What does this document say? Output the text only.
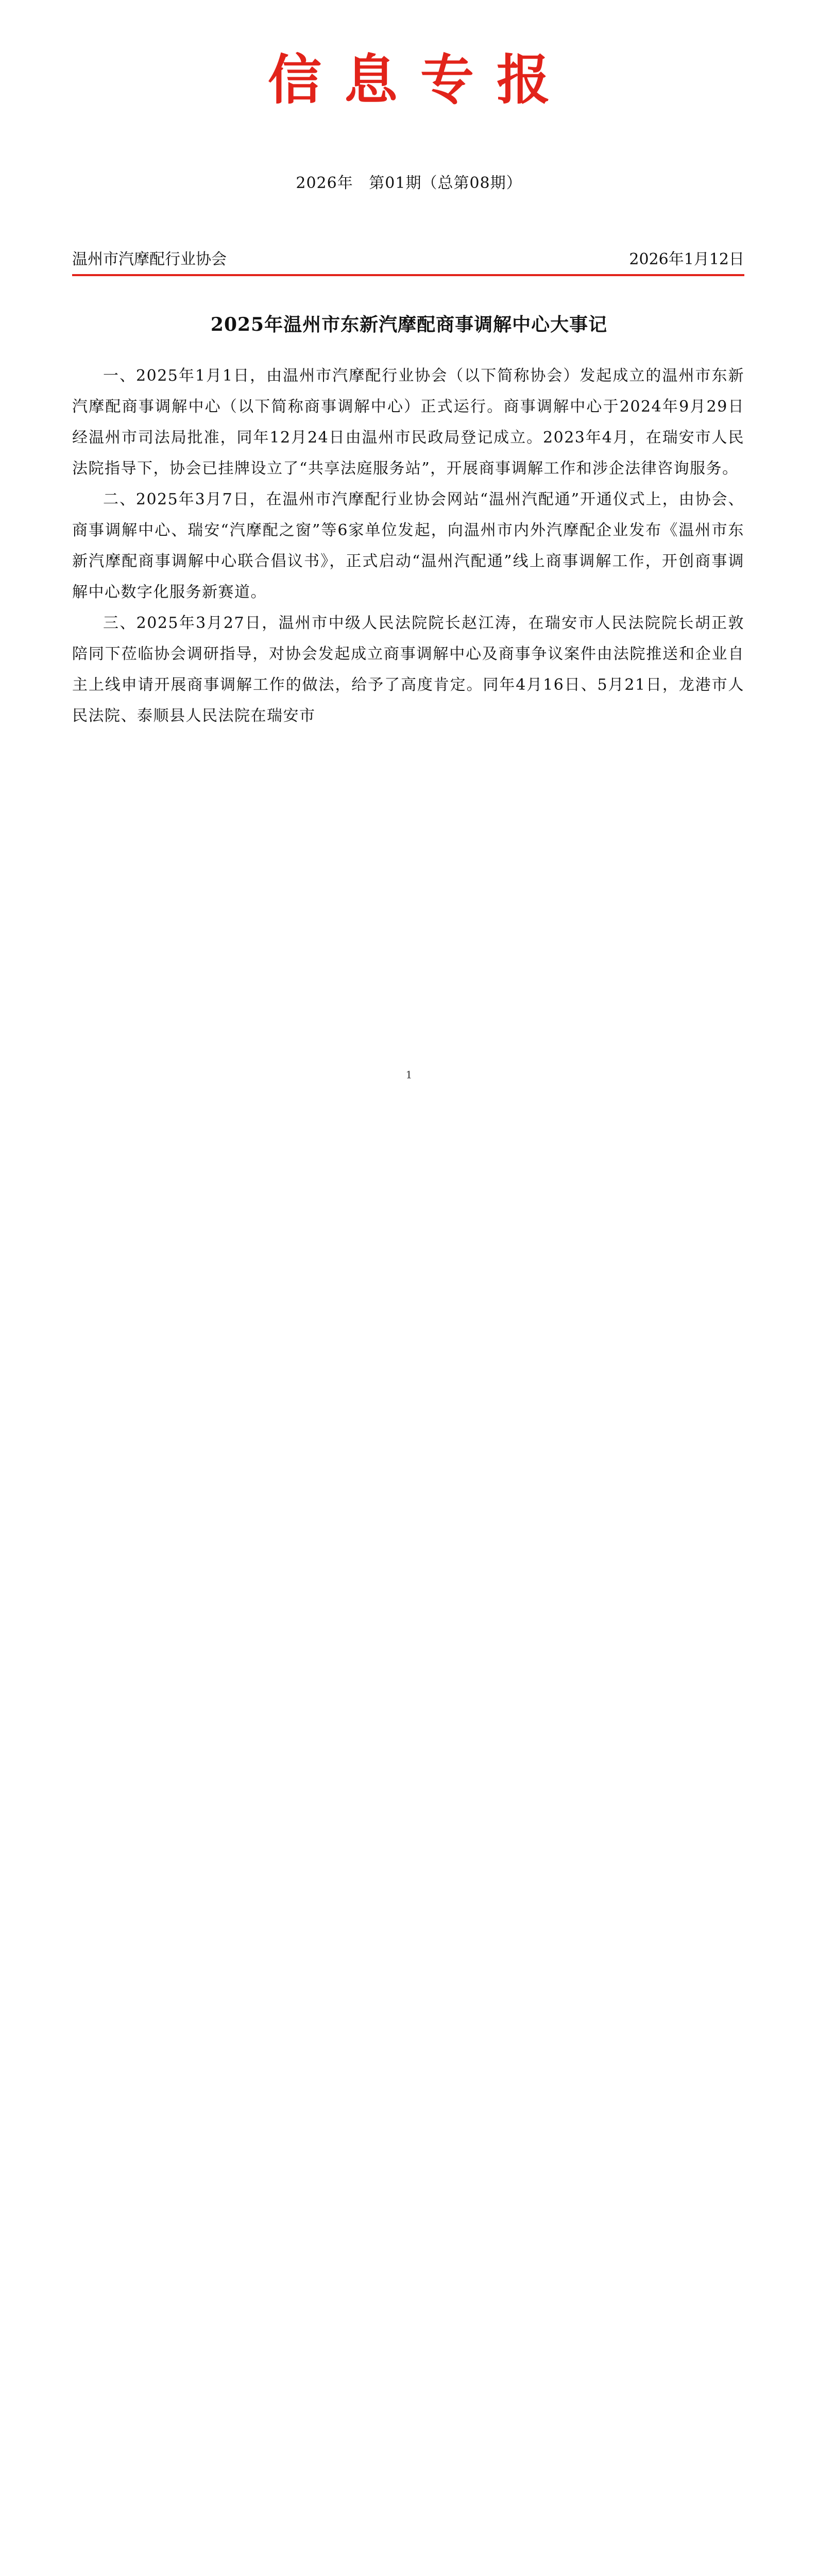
信息专报
2026年 第01期（总第08期）
温州市汽摩配行业协会	2026年1月12日
2025年温州市东新汽摩配商事调解中心大事记

一、2025年1月1日，由温州市汽摩配行业协会（以下简称协会）发起成立的温州市东新汽摩配商事调解中心（以下简称商事调解中心）正式运行。商事调解中心于2024年9月29日经温州市司法局批准，同年12月24日由温州市民政局登记成立。2023年4月，在瑞安市人民法院指导下，协会已挂牌设立了“共享法庭服务站”，开展商事调解工作和涉企法律咨询服务。

二、2025年3月7日，在温州市汽摩配行业协会网站“温州汽配通”开通仪式上，由协会、商事调解中心、瑞安“汽摩配之窗”等6家单位发起，向温州市内外汽摩配企业发布《温州市东新汽摩配商事调解中心联合倡议书》，正式启动“温州汽配通”线上商事调解工作，开创商事调解中心数字化服务新赛道。

三、2025年3月27日，温州市中级人民法院院长赵江涛，在瑞安市人民法院院长胡正敦陪同下莅临协会调研指导，对协会发起成立商事调解中心及商事争议案件由法院推送和企业自主上线申请开展商事调解工作的做法，给予了高度肯定。同年4月16日、5月21日，龙港市人民法院、泰顺县人民法院在瑞安市

1
